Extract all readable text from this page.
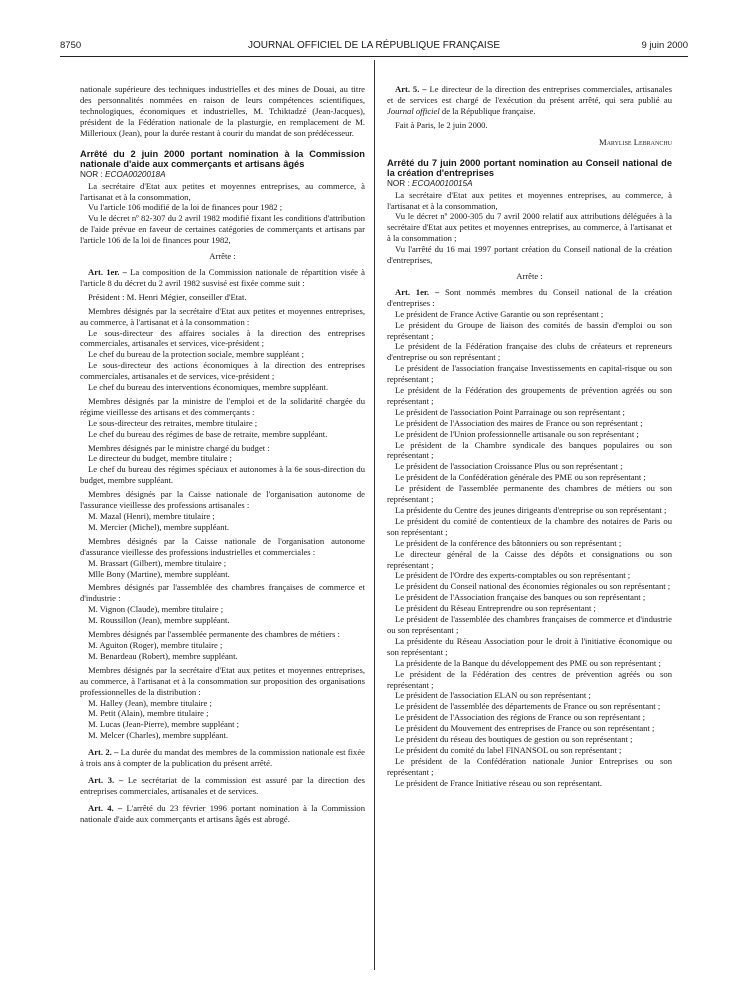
8750	JOURNAL OFFICIEL DE LA RÉPUBLIQUE FRANÇAISE	9 juin 2000

nationale supérieure des techniques industrielles et des mines de Douai, au titre des personnalités nommées en raison de leurs compétences scientifiques, technologiques, économiques et industrielles, M. Tchiktadzé (Jean-Jacques), président de la Fédération nationale de la plasturgie, en remplacement de M. Millerioux (Jean), pour la durée restant à courir du mandat de son prédécesseur.

Arrêté du 2 juin 2000 portant nomination à la Commission nationale d'aide aux commerçants et artisans âgés

NOR : ECOA0020018A

La secrétaire d'Etat aux petites et moyennes entreprises, au commerce, à l'artisanat et à la consommation,

Vu l'article 106 modifié de la loi de finances pour 1982 ;

Vu le décret nº 82-307 du 2 avril 1982 modifié fixant les conditions d'attribution de l'aide prévue en faveur de certaines catégories de commerçants et artisans par l'article 106 de la loi de finances pour 1982,

Arrête :

Art. 1er. – La composition de la Commission nationale de répartition visée à l'article 8 du décret du 2 avril 1982 susvisé est fixée comme suit :

Président : M. Henri Mégier, conseiller d'Etat.

Membres désignés par la secrétaire d'Etat aux petites et moyennes entreprises, au commerce, à l'artisanat et à la consommation :

Le sous-directeur des affaires sociales à la direction des entreprises commerciales, artisanales et services, vice-président ;

Le chef du bureau de la protection sociale, membre suppléant ;

Le sous-directeur des actions économiques à la direction des entreprises commerciales, artisanales et de services, vice-président ;

Le chef du bureau des interventions économiques, membre suppléant.

Membres désignés par la ministre de l'emploi et de la solidarité chargée du régime vieillesse des artisans et des commerçants :

Le sous-directeur des retraites, membre titulaire ;

Le chef du bureau des régimes de base de retraite, membre suppléant.

Membres désignés par le ministre chargé du budget :

Le directeur du budget, membre titulaire ;

Le chef du bureau des régimes spéciaux et autonomes à la 6e sous-direction du budget, membre suppléant.

Membres désignés par la Caisse nationale de l'organisation autonome de l'assurance vieillesse des professions artisanales :

M. Mazal (Henri), membre titulaire ;

M. Mercier (Michel), membre suppléant.

Membres désignés par la Caisse nationale de l'organisation autonome d'assurance vieillesse des professions industrielles et commerciales :

M. Brassart (Gilbert), membre titulaire ;

Mlle Bony (Martine), membre suppléant.

Membres désignés par l'assemblée des chambres françaises de commerce et d'industrie :

M. Vignon (Claude), membre titulaire ;

M. Roussillon (Jean), membre suppléant.

Membres désignés par l'assemblée permanente des chambres de métiers :

M. Aguiton (Roger), membre titulaire ;

M. Benardeau (Robert), membre suppléant.

Membres désignés par la secrétaire d'Etat aux petites et moyennes entreprises, au commerce, à l'artisanat et à la consommation sur proposition des organisations professionnelles de la distribution :

M. Halley (Jean), membre titulaire ;

M. Petit (Alain), membre titulaire ;

M. Lucas (Jean-Pierre), membre suppléant ;

M. Melcer (Charles), membre suppléant.

Art. 2. – La durée du mandat des membres de la commission nationale est fixée à trois ans à compter de la publication du présent arrêté.

Art. 3. – Le secrétariat de la commission est assuré par la direction des entreprises commerciales, artisanales et de services.

Art. 4. – L'arrêté du 23 février 1996 portant nomination à la Commission nationale d'aide aux commerçants et artisans âgés est abrogé.

Art. 5. – Le directeur de la direction des entreprises commerciales, artisanales et de services est chargé de l'exécution du présent arrêté, qui sera publié au Journal officiel de la République française.

Fait à Paris, le 2 juin 2000.

Marylise Lebranchu

Arrêté du 7 juin 2000 portant nomination au Conseil national de la création d'entreprises

NOR : ECOA0010015A

La secrétaire d'Etat aux petites et moyennes entreprises, au commerce, à l'artisanat et à la consommation,

Vu le décret nº 2000-305 du 7 avril 2000 relatif aux attributions déléguées à la secrétaire d'Etat aux petites et moyennes entreprises, au commerce, à l'artisanat et à la consommation ;

Vu l'arrêté du 16 mai 1997 portant création du Conseil national de la création d'entreprises,

Arrête :

Art. 1er. – Sont nommés membres du Conseil national de la création d'entreprises :

Le président de France Active Garantie ou son représentant ;

Le président du Groupe de liaison des comités de bassin d'emploi ou son représentant ;

Le président de la Fédération française des clubs de créateurs et repreneurs d'entreprise ou son représentant ;

Le président de l'association française Investissements en capital-risque ou son représentant ;

Le président de la Fédération des groupements de prévention agréés ou son représentant ;

Le président de l'association Point Parrainage ou son représentant ;

Le président de l'Association des maires de France ou son représentant ;

Le président de l'Union professionnelle artisanale ou son représentant ;

Le président de la Chambre syndicale des banques populaires ou son représentant ;

Le président de l'association Croissance Plus ou son représentant ;

Le président de la Confédération générale des PME ou son représentant ;

Le président de l'assemblée permanente des chambres de métiers ou son représentant ;

La présidente du Centre des jeunes dirigeants d'entreprise ou son représentant ;

Le président du comité de contentieux de la chambre des notaires de Paris ou son représentant ;

Le président de la conférence des bâtonniers ou son représentant ;

Le directeur général de la Caisse des dépôts et consignations ou son représentant ;

Le président de l'Ordre des experts-comptables ou son représentant ;

Le président du Conseil national des économies régionales ou son représentant ;

Le président de l'Association française des banques ou son représentant ;

Le président du Réseau Entreprendre ou son représentant ;

Le président de l'assemblée des chambres françaises de commerce et d'industrie ou son représentant ;

La présidente du Réseau Association pour le droit à l'initiative économique ou son représentant ;

La présidente de la Banque du développement des PME ou son représentant ;

Le président de la Fédération des centres de prévention agréés ou son représentant ;

Le président de l'association ELAN ou son représentant ;

Le président de l'assemblée des départements de France ou son représentant ;

Le président de l'Association des régions de France ou son représentant ;

Le président du Mouvement des entreprises de France ou son représentant ;

Le président du réseau des boutiques de gestion ou son représentant ;

Le président du comité du label FINANSOL ou son représentant ;

Le président de la Confédération nationale Junior Entreprises ou son représentant ;

Le président de France Initiative réseau ou son représentant.
